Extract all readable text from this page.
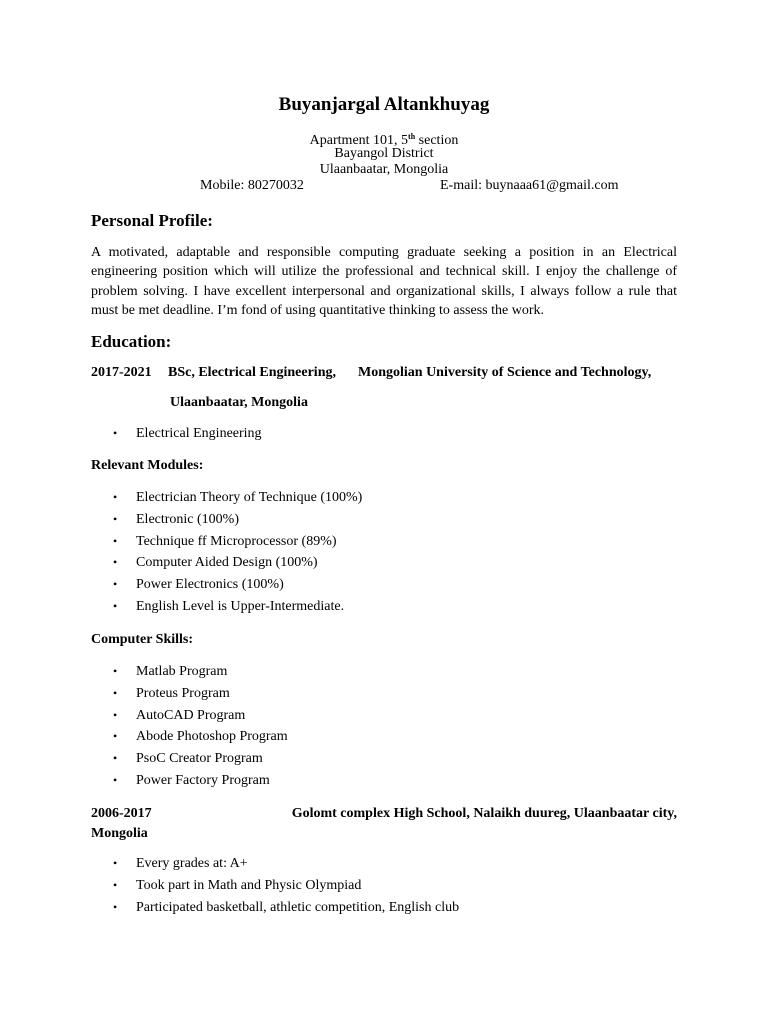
Buyanjargal Altankhuyag
Apartment 101, 5th section
Bayangol District
Ulaanbaatar, Mongolia
Mobile: 80270032	E-mail: buynaaa61@gmail.com
Personal Profile:
A motivated, adaptable and responsible computing graduate seeking a position in an Electrical engineering position which will utilize the professional and technical skill. I enjoy the challenge of problem solving. I have excellent interpersonal and organizational skills, I always follow a rule that must be met deadline. I’m fond of using quantitative thinking to assess the work.
Education:
2017-2021 BSc, Electrical Engineering, Mongolian University of Science and Technology,
Ulaanbaatar, Mongolia
• Electrical Engineering
Relevant Modules:
• Electrician Theory of Technique (100%)
• Electronic (100%)
• Technique ff Microprocessor (89%)
• Computer Aided Design (100%)
• Power Electronics (100%)
• English Level is Upper-Intermediate.
Computer Skills:
• Matlab Program
• Proteus Program
• AutoCAD Program
• Abode Photoshop Program
• PsoC Creator Program
• Power Factory Program
2006-2017	Golomt complex High School, Nalaikh duureg, Ulaanbaatar city,
Mongolia
• Every grades at: A+
• Took part in Math and Physic Olympiad
• Participated basketball, athletic competition, English club
